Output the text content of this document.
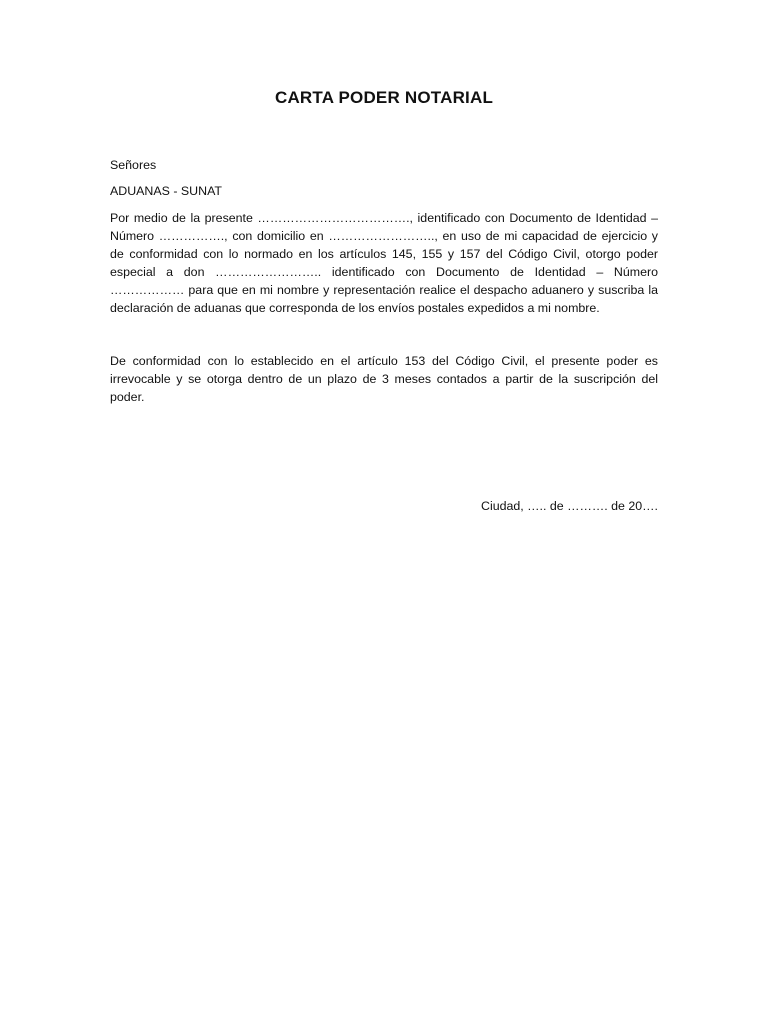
CARTA PODER NOTARIAL
Señores
ADUANAS - SUNAT
Por medio de la presente ………………………………., identificado con Documento de Identidad – Número ……………., con domicilio en …………………….., en uso de mi capacidad de ejercicio y de conformidad con lo normado en los artículos 145, 155 y 157 del Código Civil, otorgo poder especial a don …………………….. identificado con Documento de Identidad – Número ……………… para que en mi nombre y representación realice el despacho aduanero y suscriba la declaración de aduanas que corresponda de los envíos postales expedidos a mi nombre.
De conformidad con lo establecido en el artículo 153 del Código Civil, el presente poder es irrevocable y se otorga dentro de un plazo de 3 meses contados a partir de la suscripción del poder.
Ciudad, ….. de ………. de 20….
